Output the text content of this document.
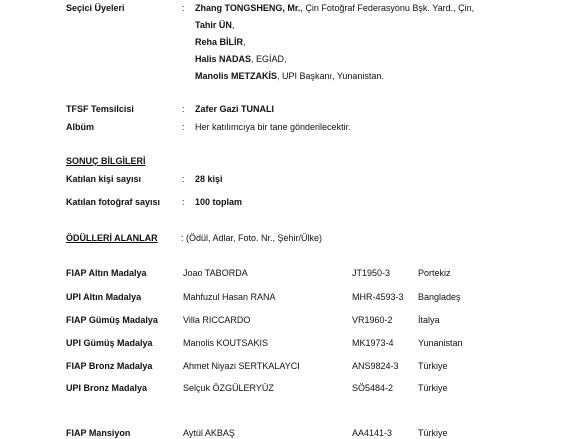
Seçici Üyeleri	: Zhang TONGSHENG, Mr., Çin Fotoğraf Federasyonu Bşk. Yard., Çin,
Tahir ÜN,
Reha BİLİR,
Halis NADAS, EGİAD,
Manolis METZAKİS, UPI Başkanı, Yunanistan.
TFSF Temsilcisi	: Zafer Gazi TUNALI
Albüm	: Her katılımcıya bir tane gönderilecektir.
SONUÇ BİLGİLERİ
Katılan kişi sayısı	: 28 kişi
Katılan fotoğraf sayısı : 100 toplam
ÖDÜLLERİ ALANLAR	: (Ödül, Adlar, Foto. Nr., Şehir/Ülke)
FIAP Altın Madalya	Joao TABORDA	JT1950-3	Portekiz
UPI Altın Madalya	Mahfuzul Hasan RANA	MHR-4593-3 Bangladeş
FIAP Gümüş Madalya	Villa RICCARDO	VR1960-2	İtalya
UPI Gümüş Madalya	Manolis KOUTSAKIS	MK1973-4	Yunanistan
FIAP Bronz Madalya	Ahmet Niyazi SERTKALAYCI	ANS9824-3 Türkiye
UPI Bronz Madalya	Selçuk ÖZGÜLERYÜZ	SÖ5484-2	Türkiye
FIAP Mansiyon	Aytül AKBAŞ	AA4141-3	Türkiye
